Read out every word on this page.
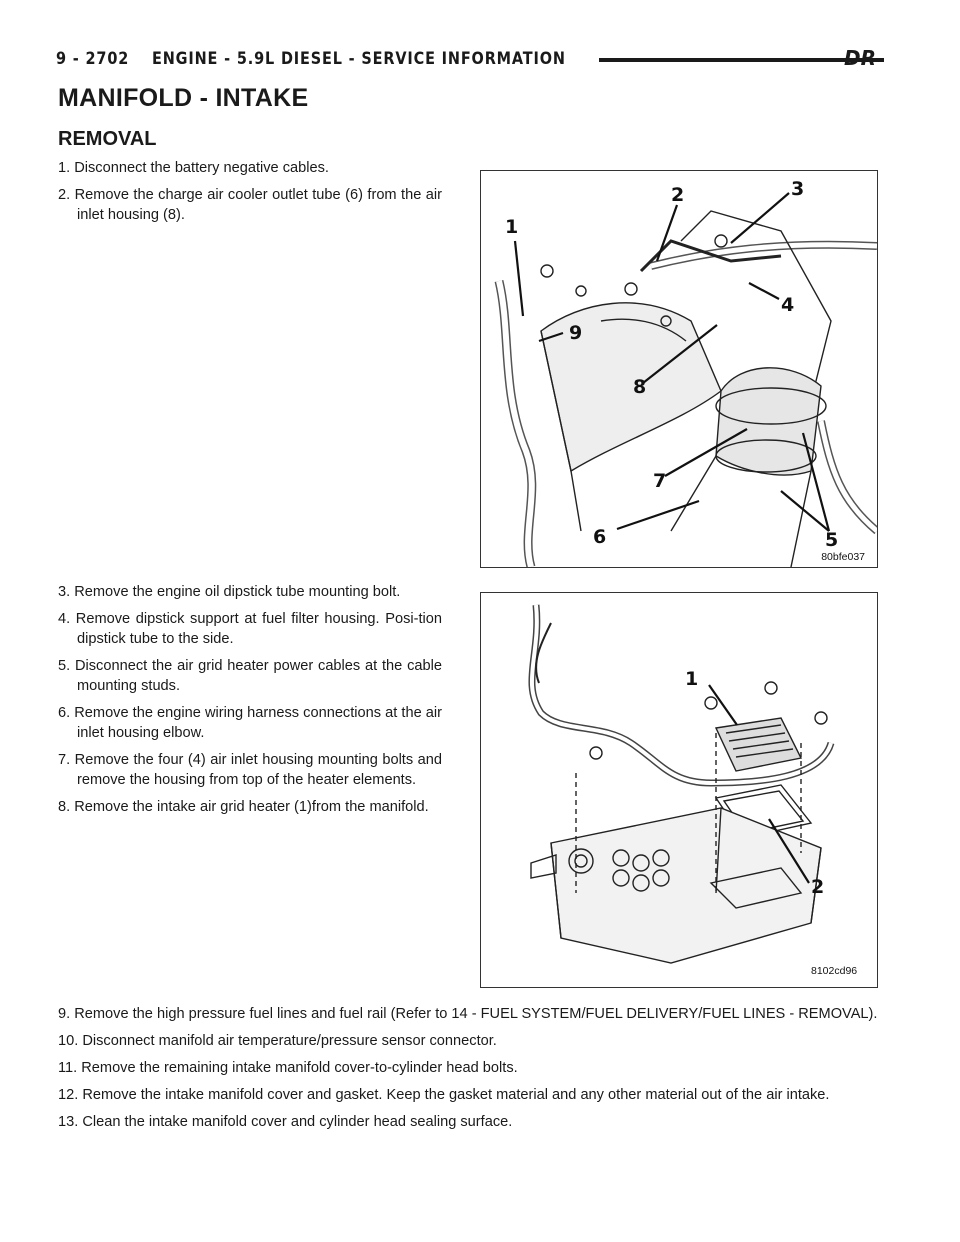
9 - 2702 ENGINE - 5.9L DIESEL - SERVICE INFORMATION	DR
MANIFOLD - INTAKE
REMOVAL
1. Disconnect the battery negative cables.
2. Remove the charge air cooler outlet tube (6) from the air inlet housing (8).
3. Remove the engine oil dipstick tube mounting bolt.
4. Remove dipstick support at fuel filter housing. Posi-tion dipstick tube to the side.
5. Disconnect the air grid heater power cables at the cable mounting studs.
6. Remove the engine wiring harness connections at the air inlet housing elbow.
7. Remove the four (4) air inlet housing mounting bolts and remove the housing from top of the heater elements.
8. Remove the intake air grid heater (1)from the manifold.
9. Remove the high pressure fuel lines and fuel rail (Refer to 14 - FUEL SYSTEM/FUEL DELIVERY/FUEL LINES - REMOVAL).
10. Disconnect manifold air temperature/pressure sensor connector.
11. Remove the remaining intake manifold cover-to-cylinder head bolts.
12. Remove the intake manifold cover and gasket. Keep the gasket material and any other material out of the air intake.
13. Clean the intake manifold cover and cylinder head sealing surface.
1
2	3
4
5
6
7
8
9
80bfe037
1
2
8102cd96
